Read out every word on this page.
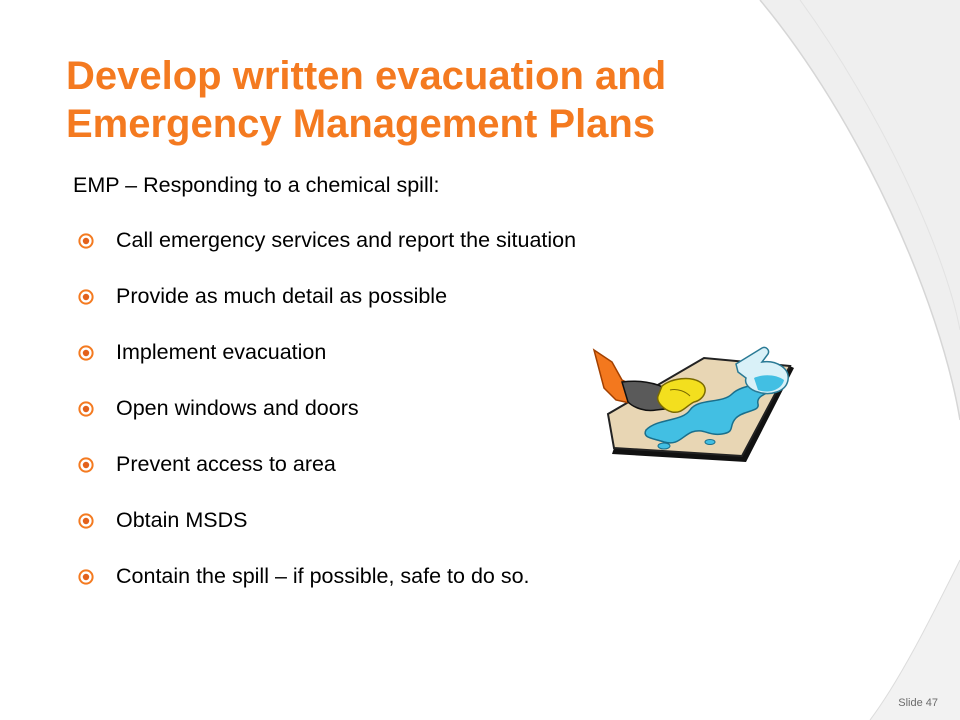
Develop written evacuation and
Emergency Management Plans

EMP – Responding to a chemical spill:

Call emergency services and report the situation
Provide as much detail as possible
Implement evacuation
Open windows and doors
Prevent access to area
Obtain MSDS
Contain the spill – if possible, safe to do so.
Slide 47
